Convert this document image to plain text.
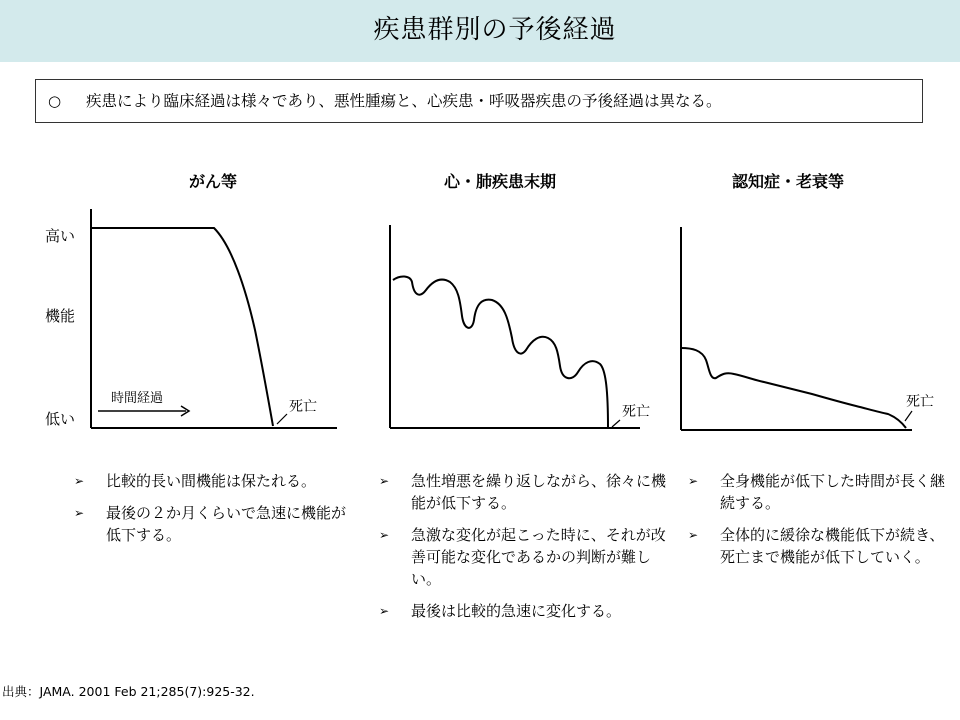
疾患群別の予後経過
○ 疾患により臨床経過は様々であり、悪性腫瘍と、心疾患・呼吸器疾患の予後経過は異なる。
がん等	心・肺疾患末期	認知症・老衰等
高い
機能
低い
時間経過
死亡	死亡
死亡
➢ 比較的長い間機能は保たれる。
➢ 最後の２か月くらいで急速に機能が低下する。
➢ 急性増悪を繰り返しながら、徐々に機能が低下する。
➢ 急激な変化が起こった時に、それが改善可能な変化であるかの判断が難しい。
➢ 最後は比較的急速に変化する。
➢ 全身機能が低下した時間が長く継続する。
➢ 全体的に緩徐な機能低下が続き、死亡まで機能が低下していく。
出典：JAMA. 2001 Feb 21;285(7):925-32.
